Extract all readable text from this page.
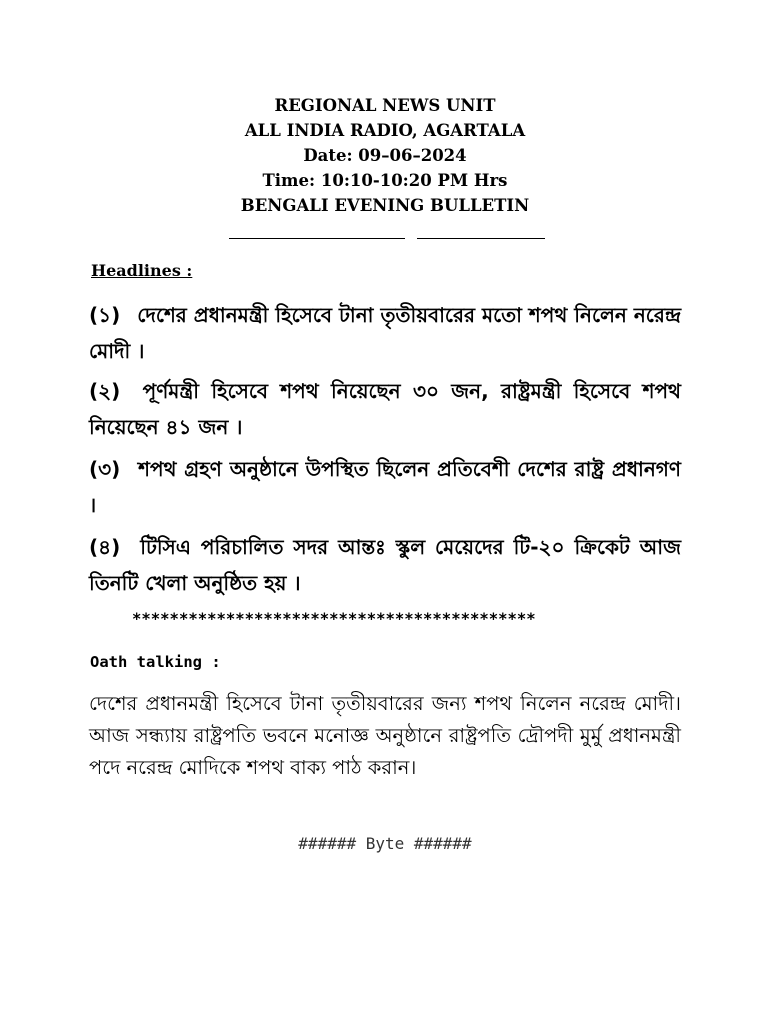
REGIONAL NEWS UNIT
ALL INDIA RADIO, AGARTALA
Date: 09–06–2024
Time: 10:10-10:20 PM Hrs
BENGALI EVENING BULLETIN
Headlines :
(১) দেশের প্রধানমন্ত্রী হিসেবে টানা তৃতীয়বারের মতো শপথ নিলেন নরেন্দ্র মোদী ।
(২) পূর্ণমন্ত্রী হিসেবে শপথ নিয়েছেন ৩০ জন, রাষ্ট্রমন্ত্রী হিসেবে শপথ নিয়েছেন ৪১ জন ।
(৩) শপথ গ্রহণ অনুষ্ঠানে উপস্থিত ছিলেন প্রতিবেশী দেশের রাষ্ট্র প্রধানগণ ।
(৪) টিসিএ পরিচালিত সদর আন্তঃ স্কুল মেয়েদের টি-২০ ক্রিকেট আজ তিনটি খেলা অনুষ্ঠিত হয় ।
*******************************************
Oath talking :
দেশের প্রধানমন্ত্রী হিসেবে টানা তৃতীয়বারের জন্য শপথ নিলেন নরেন্দ্র মোদী। আজ সন্ধ্যায় রাষ্ট্রপতি ভবনে মনোজ্ঞ অনুষ্ঠানে রাষ্ট্রপতি দ্রৌপদী মুর্মু প্রধানমন্ত্রী পদে নরেন্দ্র মোদিকে শপথ বাক্য পাঠ করান।
###### Byte ######
